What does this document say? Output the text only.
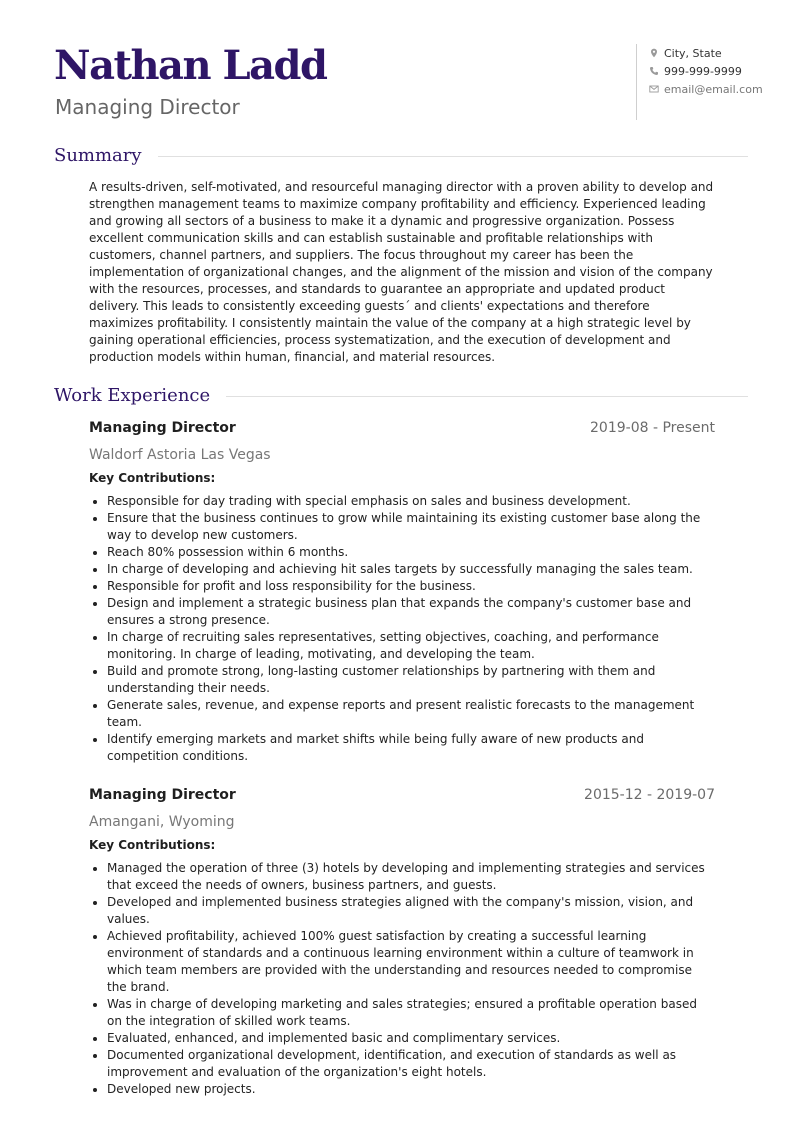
Nathan Ladd
Managing Director
City, State
999-999-9999
email@email.com
Summary

A results-driven, self-motivated, and resourceful managing director with a proven ability to develop and strengthen management teams to maximize company profitability and efficiency. Experienced leading and growing all sectors of a business to make it a dynamic and progressive organization. Possess excellent communication skills and can establish sustainable and profitable relationships with customers, channel partners, and suppliers. The focus throughout my career has been the implementation of organizational changes, and the alignment of the mission and vision of the company with the resources, processes, and standards to guarantee an appropriate and updated product delivery. This leads to consistently exceeding guests´ and clients' expectations and therefore maximizes profitability. I consistently maintain the value of the company at a high strategic level by gaining operational efficiencies, process systematization, and the execution of development and production models within human, financial, and material resources.

Work Experience
Managing Director	2019-08 - Present
Waldorf Astoria Las Vegas
Key Contributions:
• Responsible for day trading with special emphasis on sales and business development.
• Ensure that the business continues to grow while maintaining its existing customer base along the way to develop new customers.
• Reach 80% possession within 6 months.
• In charge of developing and achieving hit sales targets by successfully managing the sales team.
• Responsible for profit and loss responsibility for the business.
• Design and implement a strategic business plan that expands the company's customer base and ensures a strong presence.
• In charge of recruiting sales representatives, setting objectives, coaching, and performance monitoring. In charge of leading, motivating, and developing the team.
• Build and promote strong, long-lasting customer relationships by partnering with them and understanding their needs.
• Generate sales, revenue, and expense reports and present realistic forecasts to the management team.
• Identify emerging markets and market shifts while being fully aware of new products and competition conditions.
Managing Director	2015-12 - 2019-07
Amangani, Wyoming
Key Contributions:
• Managed the operation of three (3) hotels by developing and implementing strategies and services that exceed the needs of owners, business partners, and guests.
• Developed and implemented business strategies aligned with the company's mission, vision, and values.
• Achieved profitability, achieved 100% guest satisfaction by creating a successful learning environment of standards and a continuous learning environment within a culture of teamwork in which team members are provided with the understanding and resources needed to compromise the brand.
• Was in charge of developing marketing and sales strategies; ensured a profitable operation based on the integration of skilled work teams.
• Evaluated, enhanced, and implemented basic and complimentary services.
• Documented organizational development, identification, and execution of standards as well as improvement and evaluation of the organization's eight hotels.
• Developed new projects.
